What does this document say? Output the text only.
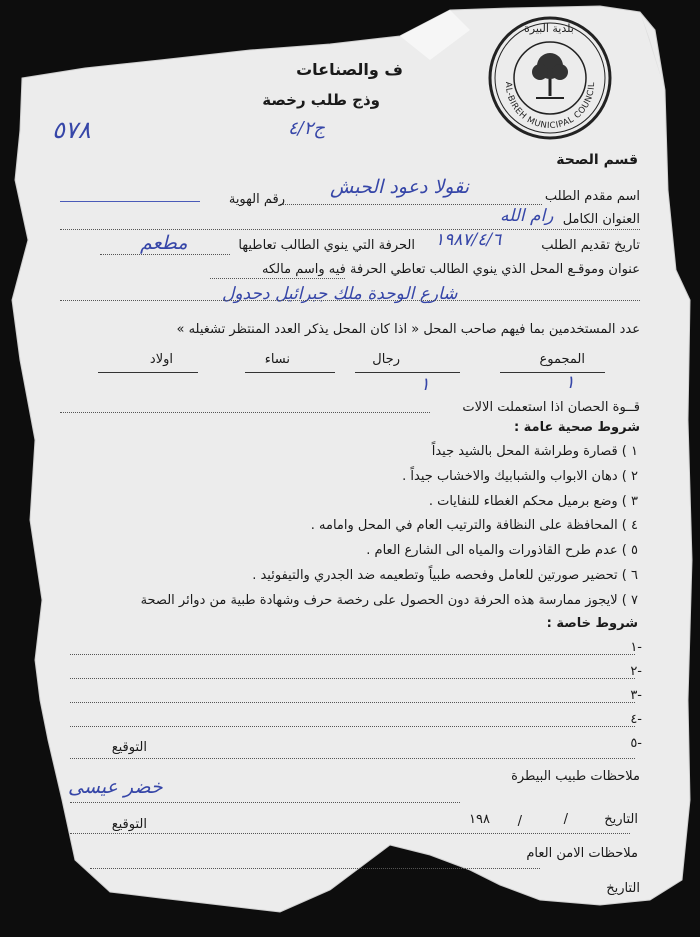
AL-BIREH MUNICIPAL COUNCIL
بلدية البيرة
ف والصناعات
وذج طلب رخصة
٥٧٨	ج٤/٢
قسم الصحة
اسم مقدم الطلب
نقولا دعود الحبش
رقم الهوية
العنوان الكامل
رام الله
تاريخ تقديم الطلب
١٩٨٧/٤/٦
الحرفة التي ينوي الطالب تعاطيها
مطعم
عنوان وموقـع المحل الذي ينوي الطالب تعاطي الحرفة فيه واسم مالكه
شارع الوحدة ملك جبرائيل دحدول
عدد المستخدمين بما فيهم صاحب المحل « اذا كان المحل يذكر العدد المنتظر تشغيله »
المجموع
رجال
نساء
اولاد
١
١
قــوة الحصان اذا استعملت الالات
شروط صحية عامة :
١ ) قصارة وطراشة المحل بالشيد جيداً
٢ ) دهان الابواب والشبابيك والاخشاب جيداً .
٣ ) وضع برميل محكم الغطاء للنفايات .
٤ ) المحافظة على النظافة والترتيب العام في المحل وامامه .
٥ ) عدم طرح القاذورات والمياه الى الشارع العام .
٦ ) تحضير صورتين للعامل وفحصه طبياً وتطعيمه ضد الجدري والتيفوئيد .
٧ ) لايجوز ممارسة هذه الحرفة دون الحصول على رخصة حرف وشهادة طبية من دوائر الصحة
شروط خاصة :
-١
-٢
-٣
-٤
-٥
التوقيع
ملاحظات طبيب البيطرة
خضر عيسى
التاريخ
/
/
١٩٨
التوقيع
ملاحظات الامن العام
التاريخ
